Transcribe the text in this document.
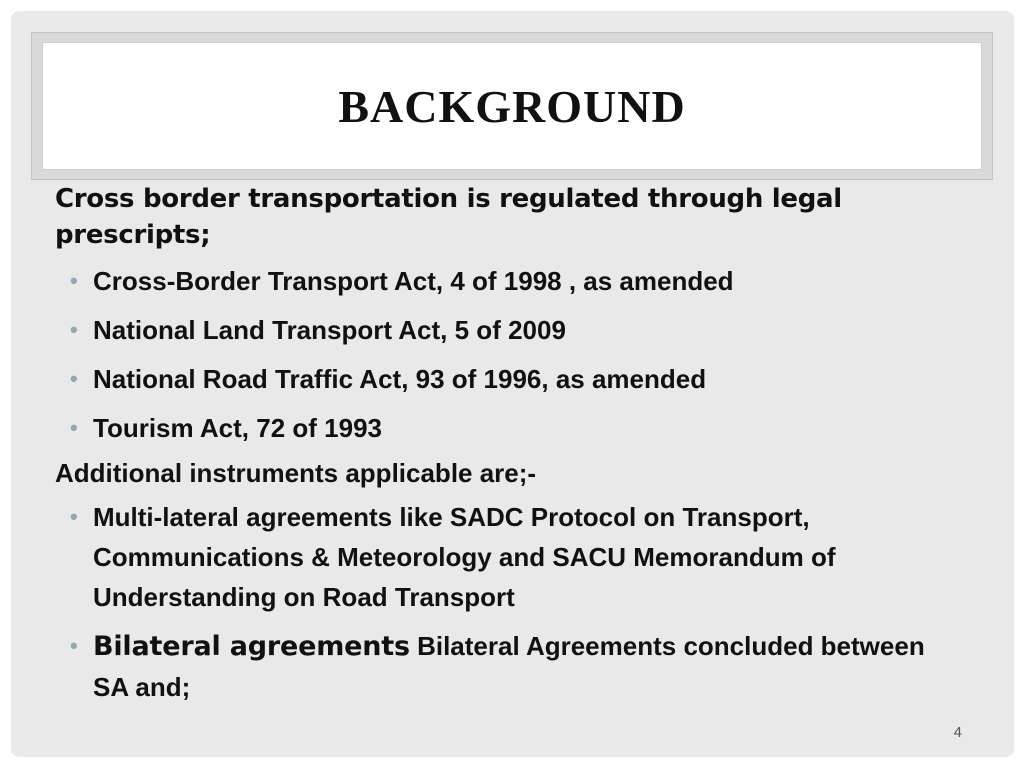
BACKGROUND

Cross border transportation is regulated through legal prescripts;

• Cross-Border Transport Act, 4 of 1998 , as amended
• National Land Transport Act, 5 of 2009
• National Road Traffic Act, 93 of 1996, as amended
• Tourism Act, 72 of 1993

Additional instruments applicable are;-

• Multi-lateral agreements like SADC Protocol on Transport, Communications & Meteorology and SACU Memorandum of Understanding on Road Transport
• Bilateral agreements Bilateral Agreements concluded between SA and;
4
